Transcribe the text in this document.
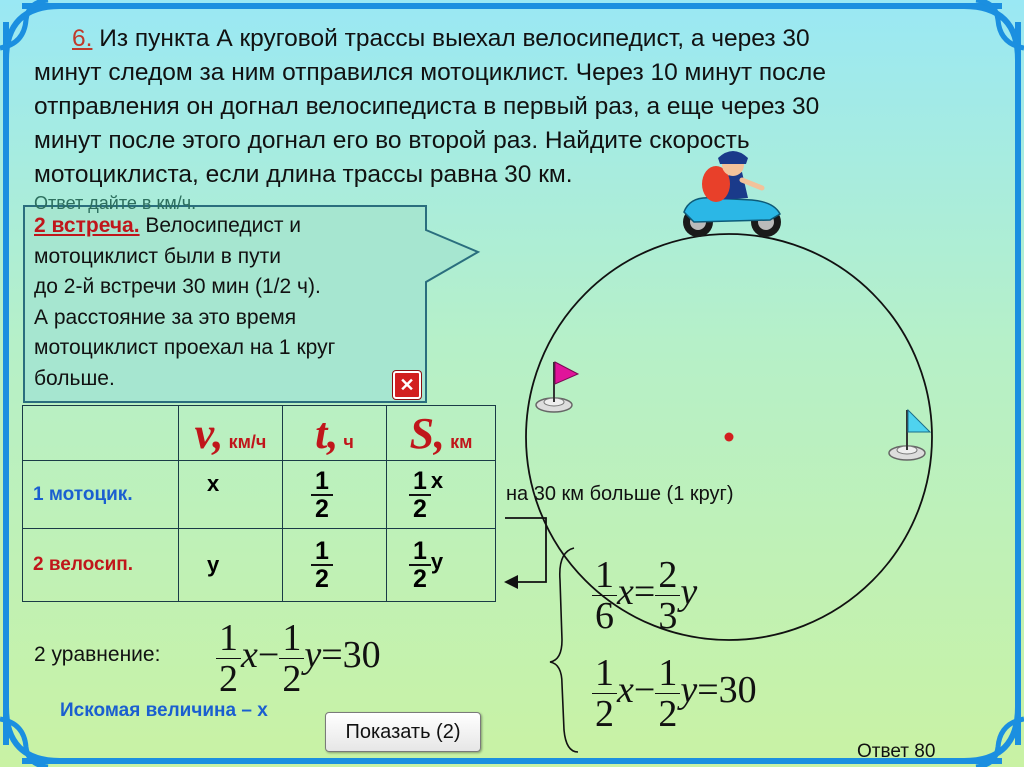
6. Из пункта А круговой трассы выехал велосипедист, а через 30
минут следом за ним отправился мотоциклист. Через 10 минут после
отправления он догнал велосипедиста в первый раз, а еще через 30
минут после этого догнал его во второй раз. Найдите скорость
мотоциклиста, если длина трассы равна 30 км.
Ответ дайте в км/ч.
2 встреча. Велосипедист и
мотоциклист были в пути
до 2-й встречи 30 мин (1/2 ч).
А расстояние за это время
мотоциклист проехал на 1 круг
больше.	✕
	v, км/ч	t, ч	S, км
1 мотоцик.	x	$\frac{1}{2}$	$\frac{1}{2}$ x
2 велосип.	у	$\frac{1}{2}$	$\frac{1}{2}$ у
на 30 км больше (1 круг)
2 уравнение: $\frac{1}{2} x- \frac{1}{2} y=30$
$\frac{1}{6} x= \frac{2}{3}$ y
$\frac{1}{2} x- \frac{1}{2} y=30$
Искомая величина – х
Показать (2)
Ответ 80
